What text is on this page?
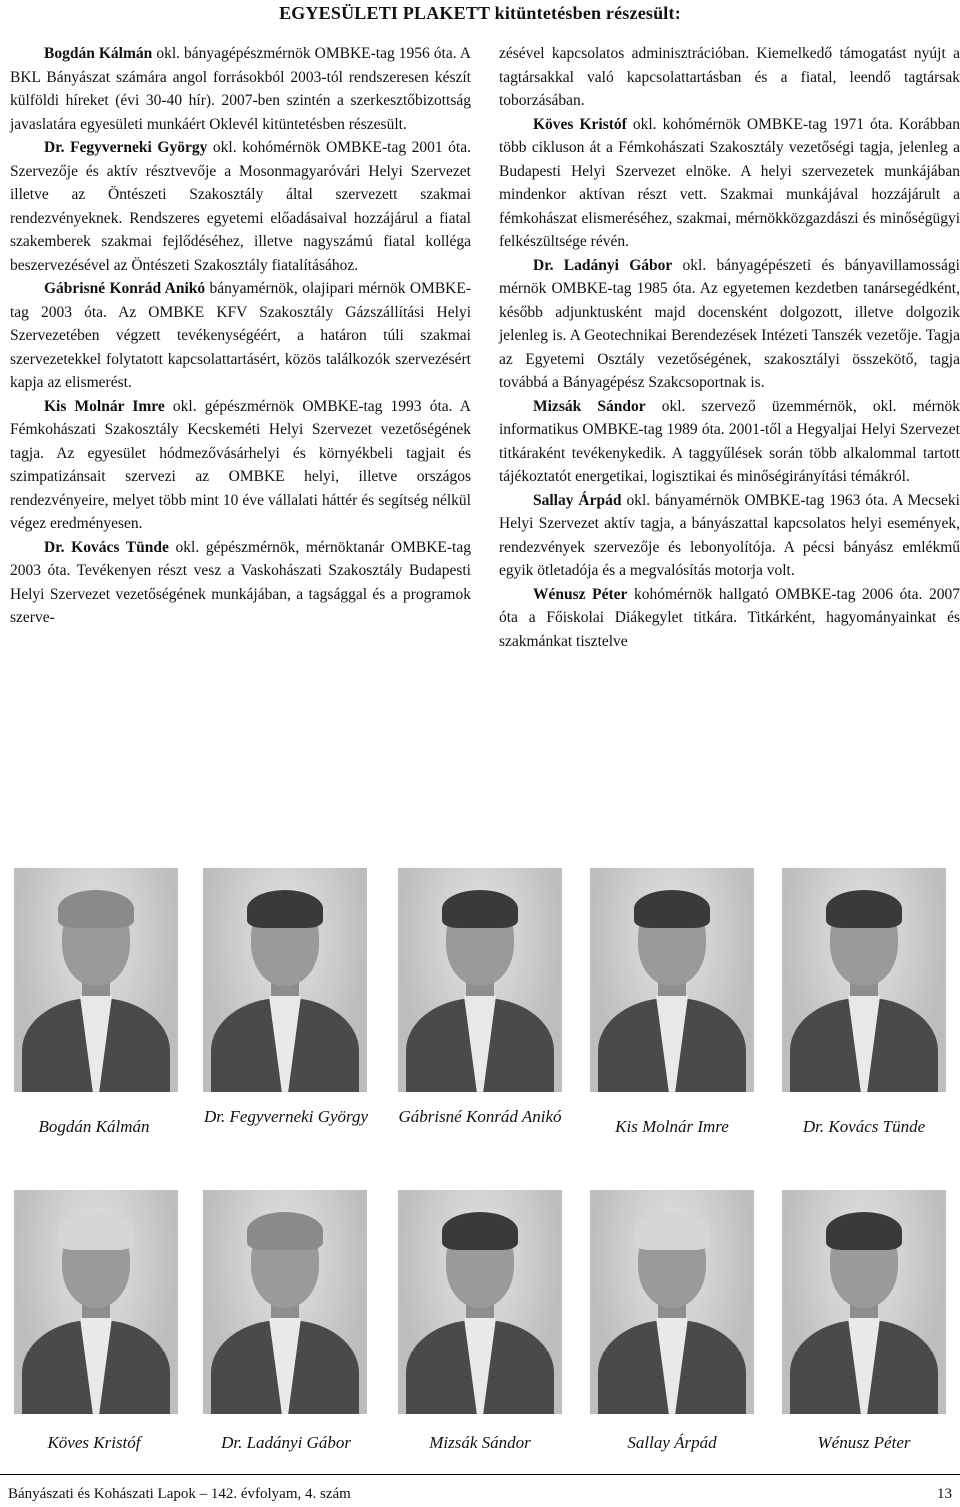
EGYESÜLETI PLAKETT kitüntetésben részesült:

Bogdán Kálmán okl. bányagépészmérnök OMBKE-tag 1956 óta. A BKL Bányászat számára angol forrásokból 2003-tól rendszeresen készít külföldi híreket (évi 30-40 hír). 2007-ben szintén a szerkesztőbizottság javaslatára egyesületi munkáért Oklevél kitüntetésben részesült.

Dr. Fegyverneki György okl. kohómérnök OMBKE-tag 2001 óta. Szervezője és aktív résztvevője a Mosonmagyaróvári Helyi Szervezet illetve az Öntészeti Szakosztály által szervezett szakmai rendezvényeknek. Rendszeres egyetemi előadásaival hozzájárul a fiatal szakemberek szakmai fejlődéséhez, illetve nagyszámú fiatal kolléga beszervezésével az Öntészeti Szakosztály fiatalításához.

Gábrisné Konrád Anikó bányamérnök, olajipari mérnök OMBKE-tag 2003 óta. Az OMBKE KFV Szakosztály Gázszállítási Helyi Szervezetében végzett tevékenységéért, a határon túli szakmai szervezetekkel folytatott kapcsolattartásért, közös találkozók szervezésért kapja az elismerést.

Kis Molnár Imre okl. gépészmérnök OMBKE-tag 1993 óta. A Fémkohászati Szakosztály Kecskeméti Helyi Szervezet vezetőségének tagja. Az egyesület hódmezővásárhelyi és környékbeli tagjait és szimpatizánsait szervezi az OMBKE helyi, illetve országos rendezvényeire, melyet több mint 10 éve vállalati háttér és segítség nélkül végez eredményesen.

Dr. Kovács Tünde okl. gépészmérnök, mérnöktanár OMBKE-tag 2003 óta. Tevékenyen részt vesz a Vaskohászati Szakosztály Budapesti Helyi Szervezet vezetőségének munkájában, a tagsággal és a programok szerve-

zésével kapcsolatos adminisztrációban. Kiemelkedő támogatást nyújt a tagtársakkal való kapcsolattartásban és a fiatal, leendő tagtársak toborzásában.

Köves Kristóf okl. kohómérnök OMBKE-tag 1971 óta. Korábban több cikluson át a Fémkohászati Szakosztály vezetőségi tagja, jelenleg a Budapesti Helyi Szervezet elnöke. A helyi szervezetek munkájában mindenkor aktívan részt vett. Szakmai munkájával hozzájárult a fémkohászat elismeréséhez, szakmai, mérnökközgazdászi és minőségügyi felkészültsége révén.

Dr. Ladányi Gábor okl. bányagépészeti és bányavillamossági mérnök OMBKE-tag 1985 óta. Az egyetemen kezdetben tanársegédként, később adjunktusként majd docensként dolgozott, illetve dolgozik jelenleg is. A Geotechnikai Berendezések Intézeti Tanszék vezetője. Tagja az Egyetemi Osztály vezetőségének, szakosztályi összekötő, tagja továbbá a Bányagépész Szakcsoportnak is.

Mizsák Sándor okl. szervező üzemmérnök, okl. mérnök informatikus OMBKE-tag 1989 óta. 2001-től a Hegyaljai Helyi Szervezet titkáraként tevékenykedik. A taggyűlések során több alkalommal tartott tájékoztatót energetikai, logisztikai és minőségirányítási témákról.

Sallay Árpád okl. bányamérnök OMBKE-tag 1963 óta. A Mecseki Helyi Szervezet aktív tagja, a bányászattal kapcsolatos helyi események, rendezvények szervezője és lebonyolítója. A pécsi bányász emlékmű egyik ötletadója és a megvalósítás motorja volt.

Wénusz Péter kohómérnök hallgató OMBKE-tag 2006 óta. 2007 óta a Főiskolai Diákegylet titkára. Titkárként, hagyományainkat és szakmánkat tisztelve

Bogdán Kálmán
Dr. Fegyverneki György	Gábrisné Konrád Anikó
Kis Molnár Imre	Dr. Kovács Tünde
Köves Kristóf	Dr. Ladányi Gábor	Mizsák Sándor	Sallay Árpád	Wénusz Péter
Bányászati és Kohászati Lapok – 142. évfolyam, 4. szám	13
